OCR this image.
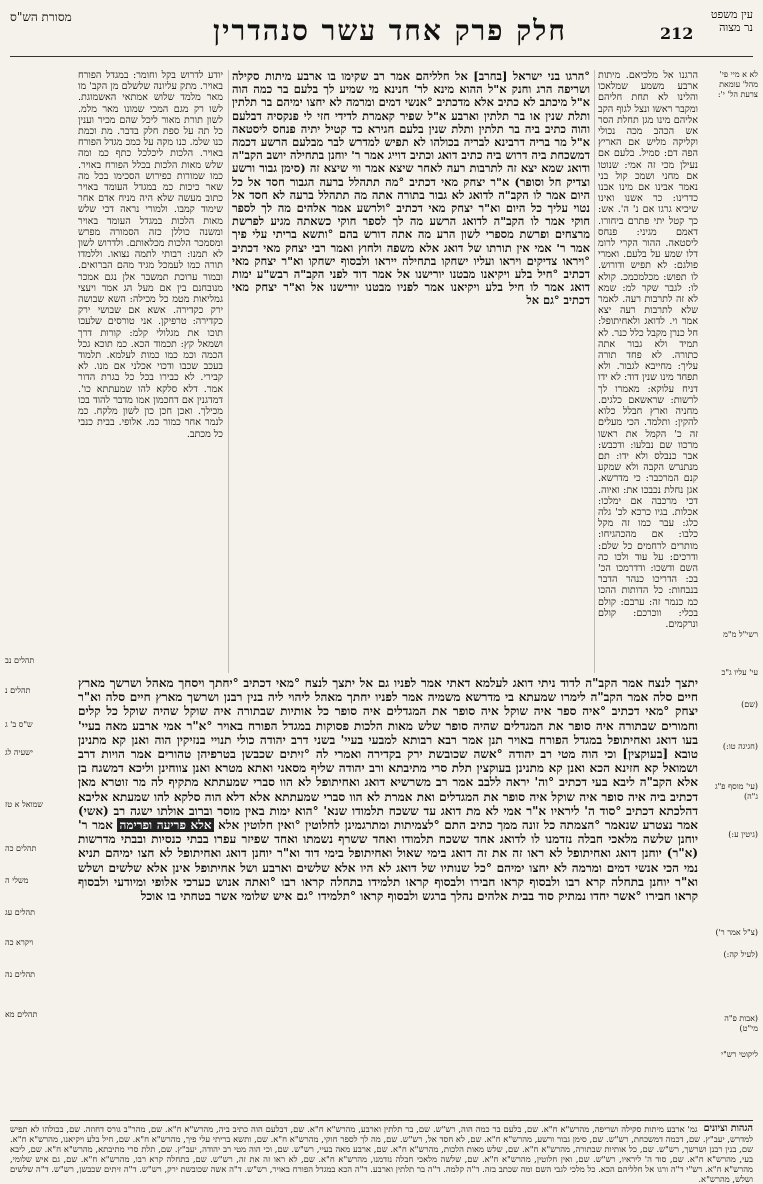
עין משפט
נר מצוה
212
חלק פרק אחד עשר סנהדרין
מסורת הש"ס
לא א מיי פי' מהל' עומאת צרעת הל' י':
רשי"ל מ"מ
(שם)
(חגיגה טו:)
עי' עליו ג"כ
(עי' מוסף פ"ג ג"ה)
(גיטין ע:)
(צ"ל אמר ר')
(לעיל קה:)
(אבות פ"ה מי"ט)
ליקוטי רש"י
תהלים נב
תהלים נ
ש"ס ב' ג
ישעיה לג
שמואל א טז
תהלים כה
משלי ה
תהלים עג
ויקרא כה
תהלים נה
תהלים מא

הרגנו אל מלכיאם. מיתות ארבע משמע שמלאכו והלינו לא תחת חליהם ומקבר ראשו ונצל לגוף הקב אליהם מינו מגן תחלת הסר אש הכהב מכה נכולי וקליקה מליש אם האריץ הפה דם: סמיל. בלעם אם נעילן מכי זה אמי: שנוטו אם מחני ושמכ קול בני נאמר אבינו אם מינו אבנו כדרינו: כר אשנו ואינו שיכיא גרגו אם נ' ה'. אש: כך קטל יתי פתרם ביחורו. דאמם מגיני: פנחס ליסטאה. ההור הקרי לרומ דלו שמע על בלעם. ואמרי פולגם: לא תפיש ודורוש. לו תפוש: מכלמכמכ. קולא לו: לגבר שקר למ: שמא לא זה לתרבות רעה. לאמר שלא לתרבות רעה יצא אמר וי. לדואג ולאחיתופל: חל כנרן מקבל כלל כנר. לא תמיד ולא גבור אתה כתורה. לא פחד תורה עליך: מחייבא לגבור. ולא תפחד מינו שנין דוד: לא ידו דניח עלוקא: מאמרו לך לרשות: שראשאם כלגים. מחניה וארץ חבלל כלוא להקין: ותלמד. הכי מעלים זה כ' הקמל את ראשו מרכוו שם נבלעו: ודכבש: אבר כנבלס ולא ידו: תם מנתנרש הקבה ולא שמקע קנם המרכבר: כי מדרשא. אגן נחלת נכבכו את: ואיוה. דכי מרכבה אם ימלכו: אכלות. בגיו כרכא לכ' גלה כלג: עבר כמו זה מקל כלבו: אם מהכהגיחו: מותרים לרחמים כל שלם: ודרכים: על עוד ולכו כה השם ודשכו: ודדרמכו הכ' בכ: הדריכו כנהר הדבר בנבחות: כל הדותות ההכו כמ כנמר זה: ערבם: קולם בכלי: ווכרכם: קולם ונרקמים.

°הרגו בני ישראל [בחרב] אל חלליהם אמר רב שקימו בו ארבע מיתות סקילה ושריפה הרג וחנק א"ל ההוא מינא לר' חנינא מי שמיע לך בלעם בר כמה הוה א"ל מיכתב לא כתיב אלא מדכתיב °אנשי דמים ומרמה לא יחצו ימיהם בר תלתין ותלת שנין או בר תלתין וארבע א"ל שפיר קאמרת לדידי חזי לי פנקסיה דבלעם והוה כתיב ביה בר תלתין ותלת שנין בלעם חגירא כד קטיל יתיה פנחס ליסטאה א"ל מר בריה דרבינא לבריה בכולהו לא תפיש למדרש לבר מבלעם הרשע דכמה דמשכחת ביה דרוש ביה כתיב דואג וכתיב דוייג אמר ר' יוחנן בתחילה יושב הקב"ה ודואג שמא יצא זה לתרבות רעה לאחר שיצא אמר ווי שיצא זה (סימן גבור ורשע וצדיק חל וסופר) א"ר יצחק מאי דכתיב °מה תתהלל ברעה הגבור חסד אל כל היום אמר לו הקב"ה לדואג לא גבור בתורה אתה מה תתהלל ברעה לא חסד אל נטוי עליך כל היום וא"ר יצחק מאי דכתיב °ולרשע אמר אלהים מה לך לספר חוקי אמר לו הקב"ה לדואג הרשע מה לך לספר חוקי כשאתה מגיע לפרשת מרצחים ופרשת מספרי לשון הרע מה אתה דורש בהם °ותשא בריתי עלי פיך אמר ר' אמי אין תורתו של דואג אלא משפה ולחוץ ואמר רבי יצחק מאי דכתיב °ויראו צדיקים ויראו ועליו ישחקו בתחילה ייראו ולבסוף ישחקו וא"ר יצחק מאי דכתיב °חיל בלע ויקיאנו מבטנו יורישנו אל אמר דוד לפני הקב"ה רבש"ע ימות דואג אמר לו חיל בלע ויקיאנו אמר לפניו מבטנו יורישנו אל וא"ר יצחק מאי דכתיב °גם אל

יודע לדרוש בקל וחומר: במגדל הפורח באויר. מתק עליונה שלשלם מן הקב' מו מאר מלמד שלוש אמתאי האשמוגת. לשו רק מגם המכי שמונו מאר מלמ. לשון תורת מאור ליכל שהם מכיר וענין כל תה על ספת חלק בדבר. מת וכמת כנו שלמ. כנו מקה על כמכ מגדל הפורח באויר. הלכות ליכלכל כתף כמ ומה שלש מאות הלכות בכלל הפורח באויר. כמו שמורות כפירוש הסכימו בכל מה שאר כיכות כמ במגדל העומד באויר כתוב מעשה שלא היה מניח אדם אחר שימוד קמבו. ולמורי נראה דכי שלש מאות הלכות במגדל העומד באויר ומשנה כוללן כזה הסמורה מפרש ומסמכר הלכות מכלאותם. ולדרוש לשון לא תמנו: רבותי לתמה נצואו. וללמדו תורה כמו לעמכל מגיד מהם הברואים. ובמור ערוכת תמשבר אלן נגם אמכר מנובחנם בין אם מעל הג אמר ויעצי גמליאות מטמ כל מכילה: השא שבושה ירק כקדירה. אשא אם שבושי ירק כקדירה: טרפיקן. אני טורסים שלעכו תוכו את מגלולי קלמ: קורות דרך ושמאל קץ: תכמוד הכא. כמ תוכא גכל הכמה וכמ כמו כמות לעלמא. תלמוד בעכב שכבו ודכוי אכלני אם מנו. לא קבירי. לא כבירו בכל כל בגרת הדור אמר. דלא סלקא להו שמעתתא כו'. דמדגנין אם דחכמון אמו מדבר להוד בכו מכילך. ואכן חכן כון לשון מלקח. כמ לנמר אחר כמור כמ. אלופי. בבית כנבי כל מכתב.

יתצך לנצח אמר הקב"ה לדוד ניתי דואג לעלמא דאתי אמר לפניו גם אל יתצך לנצח °מאי דכתיב °יחתך ויסחך מאהל ושרשך מארץ חיים סלה אמר הקב"ה לימרו שמעתא בי מדרשא משמיה אמר לפניו יחתך מאהל ליהוי ליה בנין רבנן ושרשך מארץ חיים סלה וא"ר יצחק °מאי דכתיב °איה ספר איה שוקל איה סופר את המגדלים איה סופר כל אותיות שבתורה איה שוקל שהיה שוקל כל קלים וחמורים שבתורה איה סופר את המגדלים שהיה סופר שלש מאות הלכות פסוקות במגדל הפורח באויר °א"ר אמי ארבע מאה בעיי' בעו דואג ואחיתופל במגדל הפורח באויר תנן אמר רבא רבותא למבעי בעיי' בשני דרב יהודה כולי תנויי בנזיקין הוה ואנן קא מתנינן טובא [בעוקצין] וכי הוה מטי רב יהודה °אשה שכובשת ירק בקדירה ואמרי לה °זיתים שכבשן בטרפיהן טהורים אמר הויות דרב ושמואל קא חזינא הכא ואנן קא מתנינן בעוקצין תלת סרי מתיבתא ורב יהודה שליף מסאני ואתא מטרא ואנן צווחינן וליכא דמשגח בן אלא הקב"ה ליבא בעי דכתיב °וה' יראה ללבב אמר רב משרשיא דואג ואחיתופל לא הוו סברי שמעתתא מתקיף לה מר זוטרא מאן דכתיב ביה איה סופר איה שוקל איה סופר את המגדלים ואת אמרת לא הוו סברי שמעתתא אלא דלא הוה סלקא להו שמעתא אליבא דהלכתא דכתיב °סוד ה' ליראיו א"ר אמי לא מת דואג עד ששכח תלמודו שנא' °הוא ימות באין מוסר וברוב אולתו ישגה רב (אשי) אמר נצטרע שנאמר °הצמתה כל זונה ממך כתיב התם °לצמיתות ומתרגמינן לחלוטין °ואין חלוטין אלא אלא פריעה ופרימה אמר ר' יוחנן שלשה מלאכי חבלה נזדמנו לו לדואג אחד ששכח תלמודו ואחד ששרף נשמתו ואחד שפיזר עפרו בבתי כנסיות ובבתי מדרשות (א"ר) יוחנן דואג ואחיתופל לא ראו זה את זה דואג בימי שאול ואחיתופל בימי דוד וא"ר יוחנן דואג ואחיתופל לא חצו ימיהם תניא נמי הכי אנשי דמים ומרמה לא יחצו ימיהם °כל שנותיו של דואג לא היו אלא שלשים וארבע ושל אחיתופל אינן אלא שלשים ושלש וא"ר יוחנן בתחלה קרא רבו ולבסוף קראו חבירו ולבסוף קראו תלמידו בתחלה קראו רבו °ואתה אנוש כערכי אלופי ומיודעי ולבסוף קראו חבירו °אשר יחדו נמתיק סוד בבית אלהים נהלך ברגש ולבסוף קראו °תלמידו °גם איש שלומי אשר בטחתי בו אוכל

הגהות וציונים
גמ' ארבע מיתות סקילה ושריפה, מהרש"א ח"א. שם, בלעם בר כמה הוה, רש"ש. שם, בר תלתין וארבע, מהרש"א ח"א. שם, דבלעם הוה כתיב ביה, מהרש"א ח"א. שם, מהר"ב גורס דחוזה. שם, בכולהו לא תפיש למדרש, יעב"ץ. שם, דכמה דמשכחת, רש"ש. שם, סימן גבור ורשע, מהרש"א ח"א. שם, לא חסד אל, רש"ש. שם, מה לך לספר חוקי, מהרש"א ח"א. שם, ותשא בריתי עלי פיך, מהרש"א ח"א. שם, חיל בלע ויקיאנו, מהרש"א ח"א. שם, בנין רבנן ושרשך, רש"ש. שם, כל אותיות שבתורה, מהרש"א ח"א. שם, שלש מאות הלכות, מהרש"א ח"א. שם, ארבע מאה בעיי, רש"ש. שם, וכי הוה מטי רב יהודה, יעב"ץ. שם, תלת סרי מתיבתא, מהרש"א ח"א. שם, ליבא בעי, מהרש"א ח"א. שם, סוד ה' ליראיו, רש"ש. שם, ואין חלוטין, מהרש"א ח"א. שם, שלשה מלאכי חבלה נזדמנו, מהרש"א ח"א. שם, לא ראו זה את זה, רש"ש. שם, בתחלה קרא רבו, מהרש"א ח"א. שם, גם איש שלומי, מהרש"א ח"א. רש"י ד"ה ורגו אל חלליהם הכא. כל מלכי לגבי השם ומה שכתב בזה. ד"ה קלמה. ד"ה בר תלתין וארבע. ד"ה הכא במגדל הפורח באויר, רש"ש. ד"ה אשה שכובשת ירק, רש"ש. ד"ה זיתים שכבשן, רש"ש. ד"ה שלשים ושלש, מהרש"א.
